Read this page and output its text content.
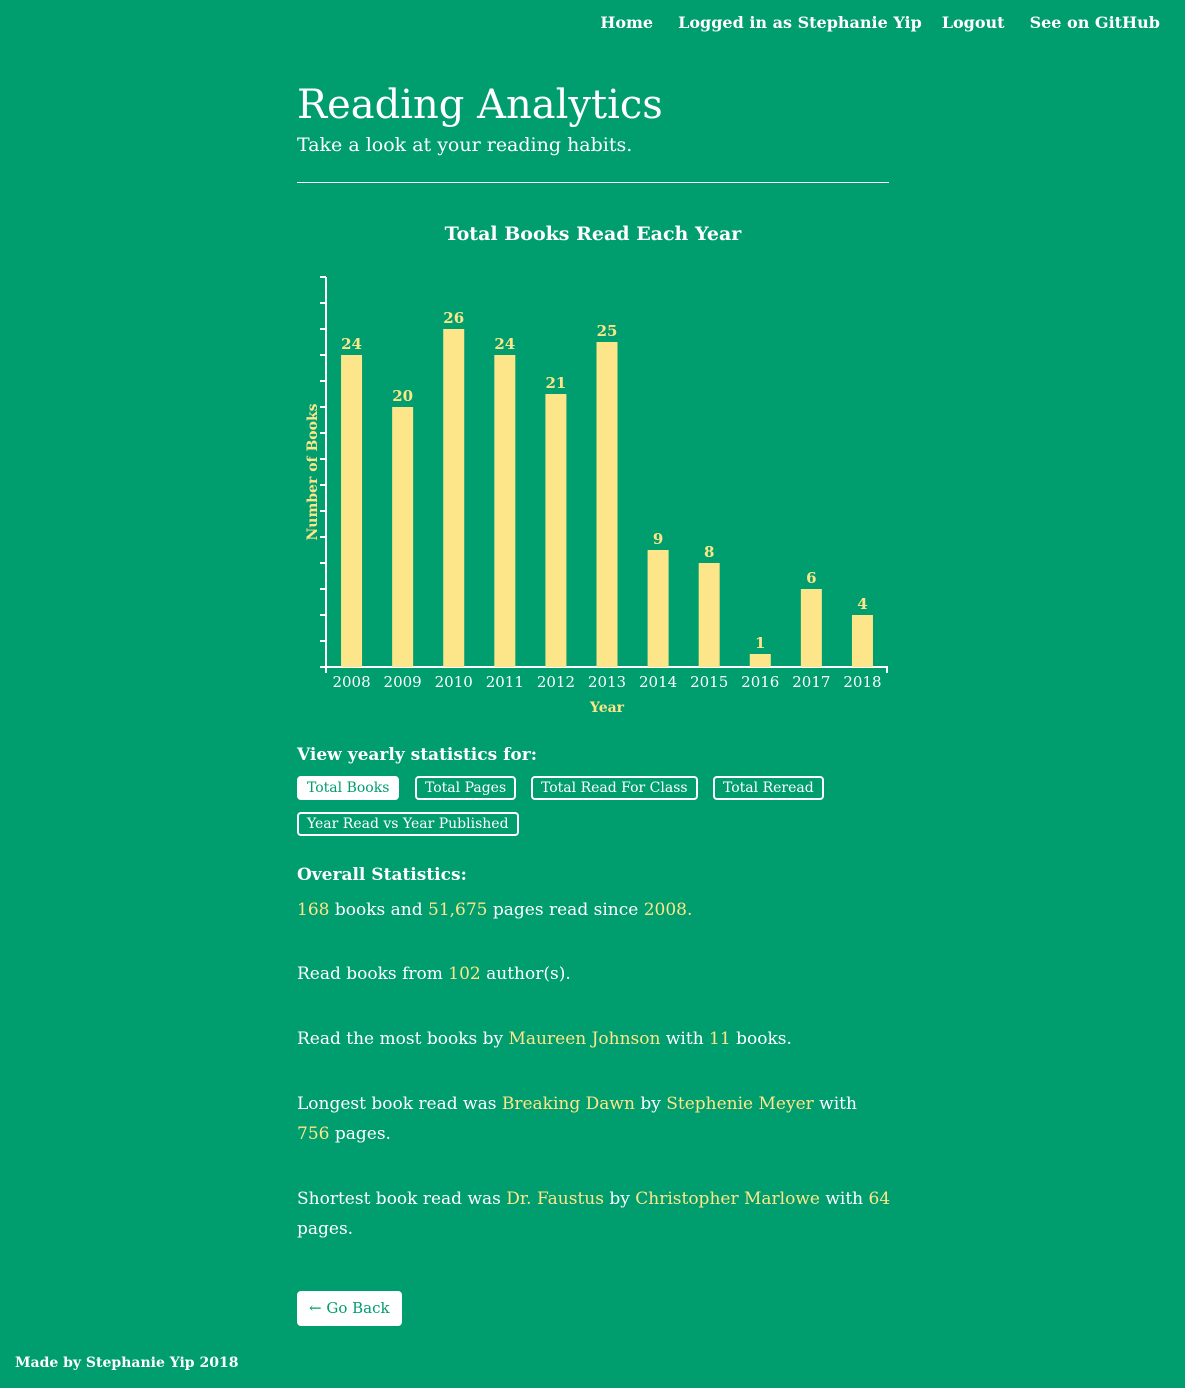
Home Logged in as Stephanie Yip Logout See on GitHub
Reading Analytics
Take a look at your reading habits.
Total Books Read Each Year
24
2008
20
2009
26
2010
24
2011
21
2012
25
2013
9
2014
8
2015
1
2016
6
2017
4
2018
Year
Number of Books
View yearly statistics for:
Total Books	Total Pages	Total Read For Class	Total Reread
Year Read vs Year Published
Overall Statistics:
168 books and 51,675 pages read since 2008.
Read books from 102 author(s).
Read the most books by Maureen Johnson with 11 books.
Longest book read was Breaking Dawn by Stephenie Meyer with 756 pages.
Shortest book read was Dr. Faustus by Christopher Marlowe with 64 pages.
← Go Back
Made by Stephanie Yip 2018
